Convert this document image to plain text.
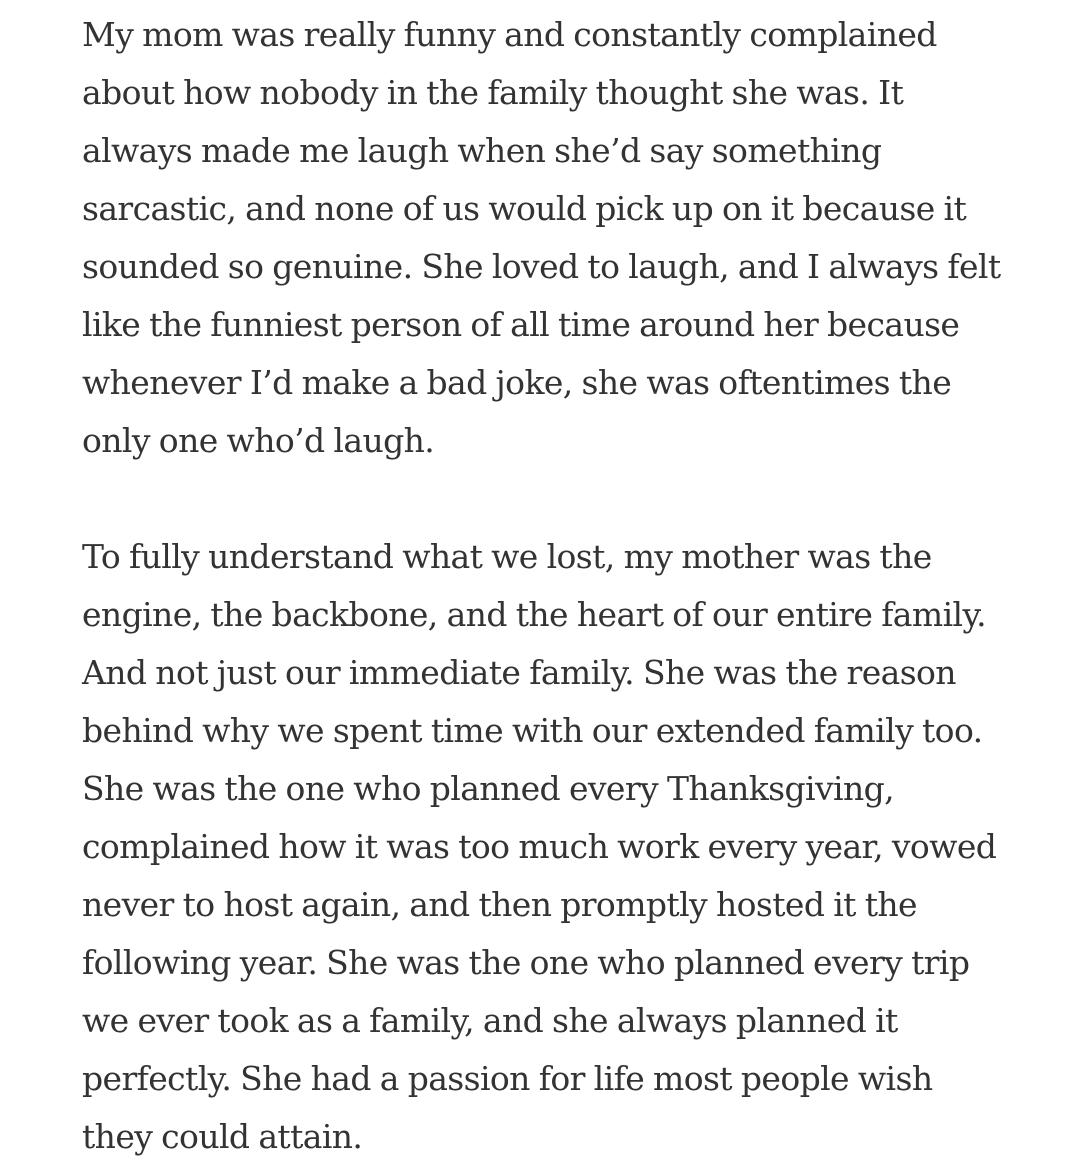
My mom was really funny and constantly complained
about how nobody in the family thought she was. It
always made me laugh when she’d say something
sarcastic, and none of us would pick up on it because it
sounded so genuine. She loved to laugh, and I always felt
like the funniest person of all time around her because
whenever I’d make a bad joke, she was oftentimes the
only one who’d laugh.

To fully understand what we lost, my mother was the
engine, the backbone, and the heart of our entire family.
And not just our immediate family. She was the reason
behind why we spent time with our extended family too.
She was the one who planned every Thanksgiving,
complained how it was too much work every year, vowed
never to host again, and then promptly hosted it the
following year. She was the one who planned every trip
we ever took as a family, and she always planned it
perfectly. She had a passion for life most people wish
they could attain.
